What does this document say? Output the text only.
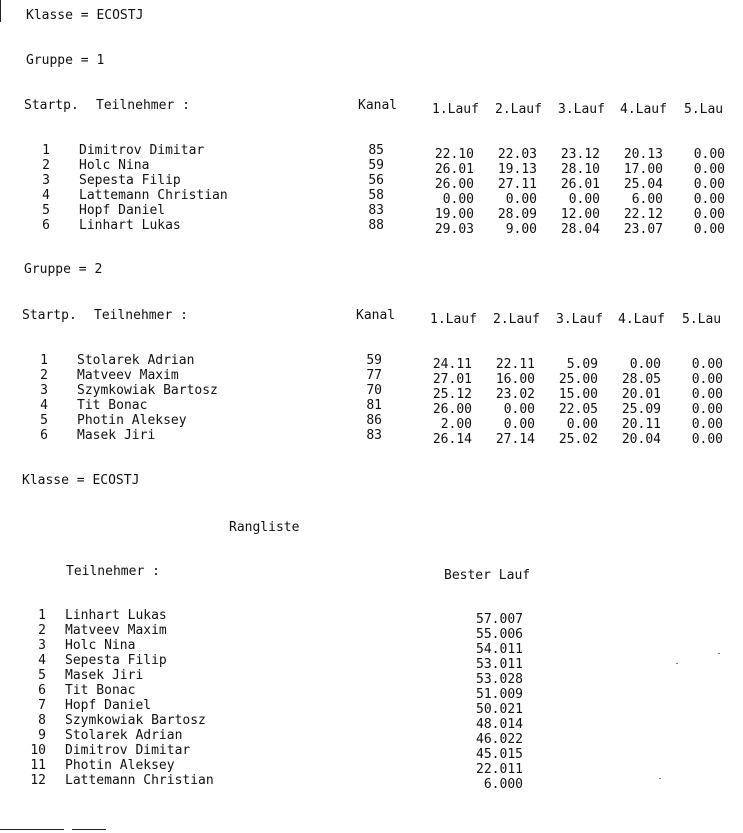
Klasse = ECOSTJ
Gruppe = 1
Startp. Teilnehmer :	Kanal	1.Lauf 2.Lauf 3.Lauf 4.Lauf 5.Lau
1 Dimitrov Dimitar	85	22.10	22.03	23.12	20.13	0.00
2 Holc Nina	59	26.01	19.13	28.10	17.00	0.00
3 Sepesta Filip	56	26.00	27.11	26.01	25.04	0.00
4 Lattemann Christian	58	0.00	0.00	0.00	6.00	0.00
5 Hopf Daniel	83	19.00	28.09	12.00	22.12	0.00
6 Linhart Lukas	88	29.03	9.00	28.04	23.07	0.00
Gruppe = 2
Startp. Teilnehmer :	Kanal	1.Lauf 2.Lauf 3.Lauf 4.Lauf 5.Lau
1 Stolarek Adrian	59	24.11	22.11	5.09	0.00	0.00
2 Matveev Maxim	77	27.01	16.00	25.00	28.05	0.00
3 Szymkowiak Bartosz	70	25.12	23.02	15.00	20.01	0.00
4 Tit Bonac	81	26.00	0.00	22.05	25.09	0.00
5 Photin Aleksey	86	2.00	0.00	0.00	20.11	0.00
6 Masek Jiri	83	26.14	27.14	25.02	20.04	0.00
Klasse = ECOSTJ
Rangliste
Teilnehmer :	Bester Lauf
1 Linhart Lukas	57.007
2 Matveev Maxim	55.006
3 Holc Nina	54.011
4 Sepesta Filip	53.011
5 Masek Jiri	53.028
6 Tit Bonac	51.009
7 Hopf Daniel	50.021
8 Szymkowiak Bartosz	48.014
9 Stolarek Adrian	46.022
10 Dimitrov Dimitar	45.015
11 Photin Aleksey	22.011
12 Lattemann Christian	6.000
